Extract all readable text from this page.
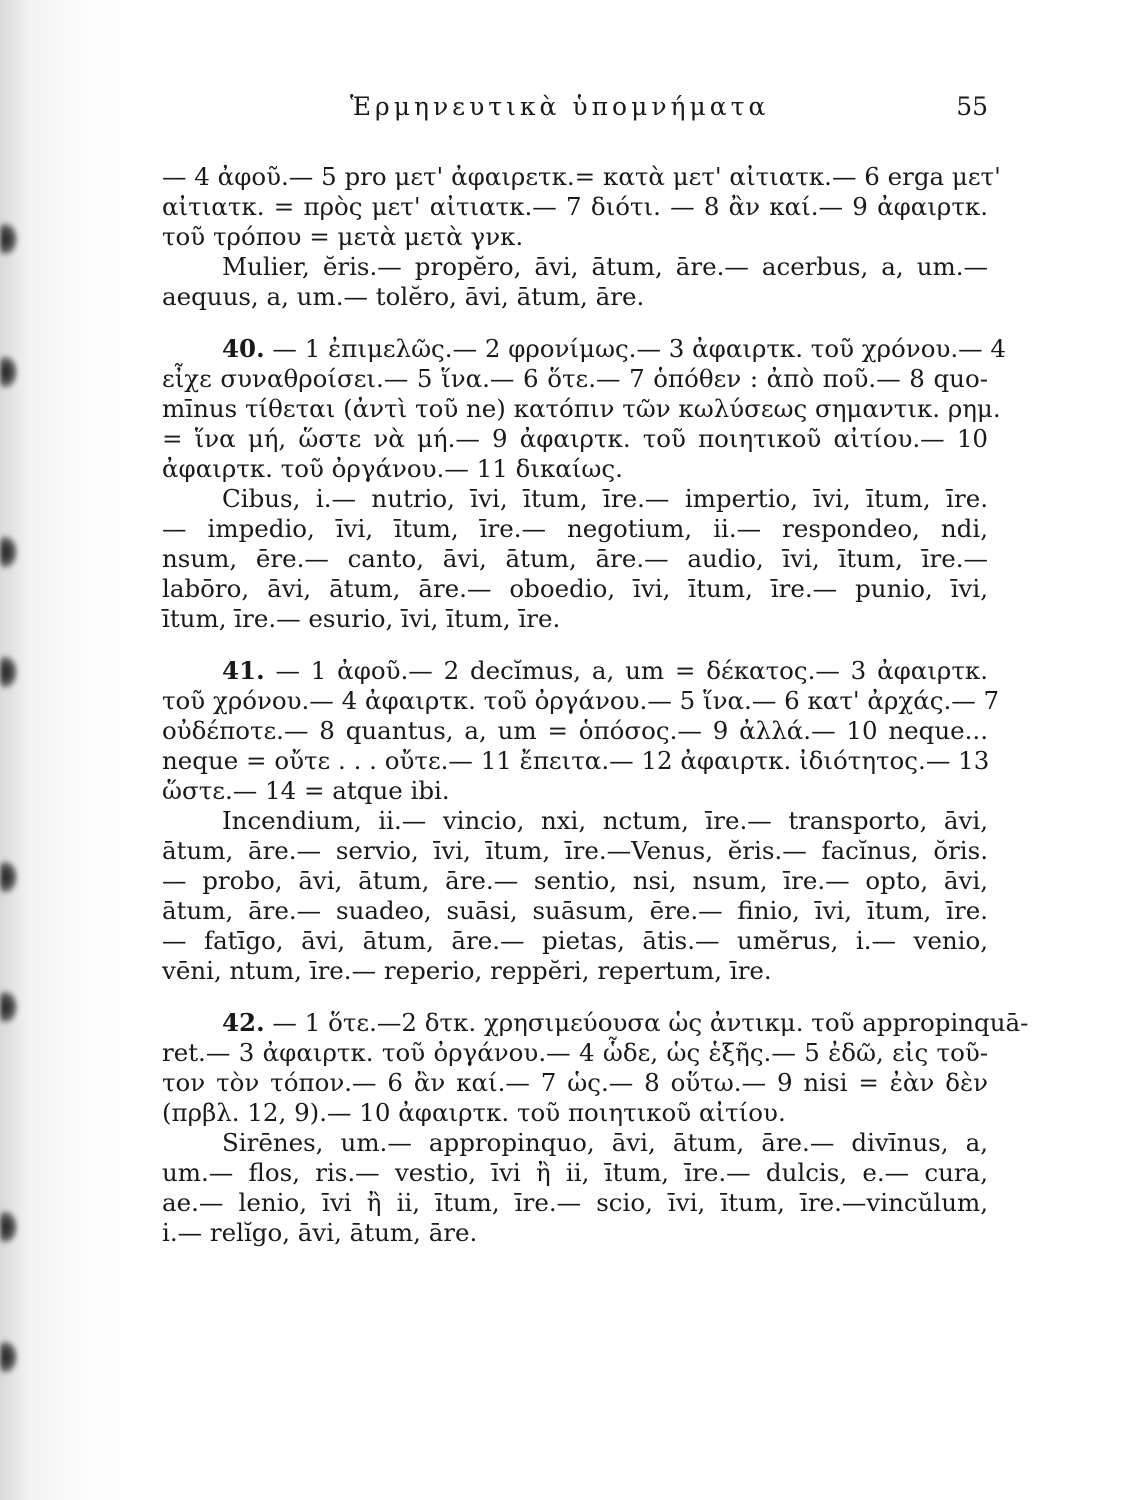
Ἑρμηνευτικὰ ὑπομνήματα	55
— 4 ἀφοῦ.— 5 pro μετ' ἀφαιρετκ.= κατὰ μετ' αἰτιατκ.— 6 erga μετ'
αἰτιατκ. = πρὸς μετ' αἰτιατκ.— 7 διότι. — 8 ἂν καί.— 9 ἀφαιρτκ.
τοῦ τρόπου = μετὰ μετὰ γνκ.
Mulier, ĕris.— propĕro, āvi, ātum, āre.— acerbus, a, um.—
aequus, a, um.— tolĕro, āvi, ātum, āre.
40. — 1 ἐπιμελῶς.— 2 φρονίμως.— 3 ἀφαιρτκ. τοῦ χρόνου.— 4
εἶχε συναθροίσει.— 5 ἵνα.— 6 ὅτε.— 7 ὁπόθεν : ἀπὸ ποῦ.— 8 quo-
mīnus τίθεται (ἀντὶ τοῦ ne) κατόπιν τῶν κωλύσεως σημαντικ. ρημ.
= ἵνα μή, ὥστε νὰ μή.— 9 ἀφαιρτκ. τοῦ ποιητικοῦ αἰτίου.— 10
ἀφαιρτκ. τοῦ ὀργάνου.— 11 δικαίως.
Cibus, i.— nutrio, īvi, ītum, īre.— impertio, īvi, ītum, īre.
— impedio, īvi, ītum, īre.— negotium, ii.— respondeo, ndi,
nsum, ēre.— canto, āvi, ātum, āre.— audio, īvi, ītum, īre.—
labōro, āvi, ātum, āre.— oboedio, īvi, ītum, īre.— punio, īvi,
ītum, īre.— esurio, īvi, ītum, īre.
41. — 1 ἀφοῦ.— 2 decĭmus, a, um = δέκατος.— 3 ἀφαιρτκ.
τοῦ χρόνου.— 4 ἀφαιρτκ. τοῦ ὀργάνου.— 5 ἵνα.— 6 κατ' ἀρχάς.— 7
οὐδέποτε.— 8 quantus, a, um = ὁπόσος.— 9 ἀλλά.— 10 neque...
neque = οὔτε . . . οὔτε.— 11 ἔπειτα.— 12 ἀφαιρτκ. ἰδιότητος.— 13
ὥστε.— 14 = atque ibi.
Incendium, ii.— vincio, nxi, nctum, īre.— transporto, āvi,
ātum, āre.— servio, īvi, ītum, īre.—Venus, ĕris.— facĭnus, ŏris.
— probo, āvi, ātum, āre.— sentio, nsi, nsum, īre.— opto, āvi,
ātum, āre.— suadeo, suāsi, suāsum, ēre.— finio, īvi, ītum, īre.
— fatīgo, āvi, ātum, āre.— pietas, ātis.— umĕrus, i.— venio,
vēni, ntum, īre.— reperio, reppĕri, repertum, īre.
42. — 1 ὅτε.—2 δτκ. χρησιμεύουσα ὡς ἀντικμ. τοῦ appropinquā-
ret.— 3 ἀφαιρτκ. τοῦ ὀργάνου.— 4 ὧδε, ὡς ἑξῆς.— 5 ἐδῶ, εἰς τοῦ-
τον τὸν τόπον.— 6 ἂν καί.— 7 ὡς.— 8 οὕτω.— 9 nisi = ἐὰν δὲν
(πρβλ. 12, 9).— 10 ἀφαιρτκ. τοῦ ποιητικοῦ αἰτίου.
Sirēnes, um.— appropinquo, āvi, ātum, āre.— divīnus, a,
um.— flos, ris.— vestio, īvi ἢ ii, ītum, īre.— dulcis, e.— cura,
ae.— lenio, īvi ἢ ii, ītum, īre.— scio, īvi, ītum, īre.—vincŭlum,
i.— relĭgo, āvi, ātum, āre.
